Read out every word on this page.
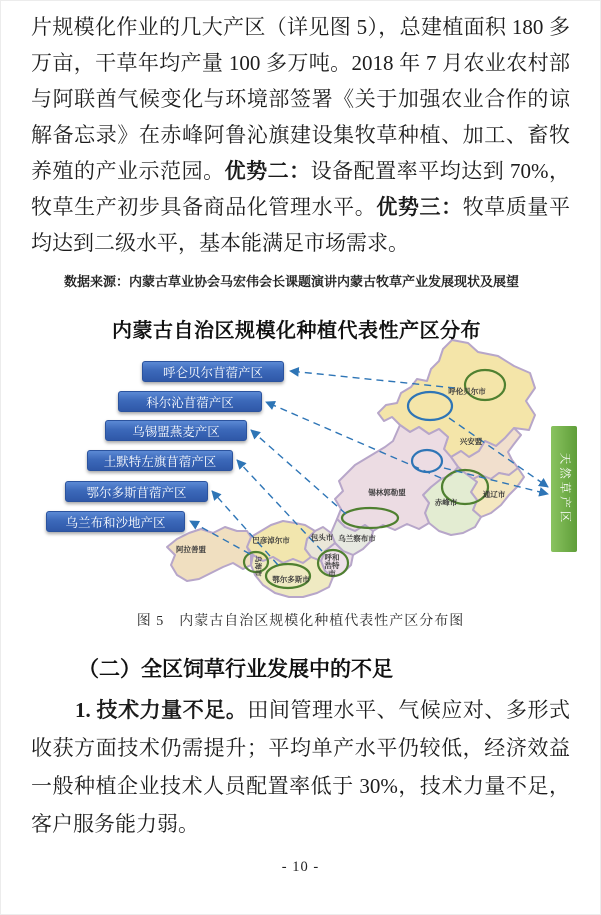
片规模化作业的几大产区（详见图 5），总建植面积 180 多万亩，干草年均产量 100 多万吨。2018 年 7 月农业农村部与阿联酋气候变化与环境部签署《关于加强农业合作的谅解备忘录》在赤峰阿鲁沁旗建设集牧草种植、加工、畜牧养殖的产业示范园。优势二：设备配置率平均达到 70%，牧草生产初步具备商品化管理水平。优势三：牧草质量平均达到二级水平，基本能满足市场需求。

数据来源：内蒙古草业协会马宏伟会长课题演讲内蒙古牧草产业发展现状及展望

天然草产区
呼伦贝尔市
兴安盟
锡林郭勒盟
赤峰市
通辽市
乌兰察布市
包头市
巴彦淖尔市
阿拉善盟
鄂尔多斯市
呼和
浩特
市
乌海市
内蒙古自治区规模化种植代表性产区分布
呼仑贝尔苜蓿产区
科尔沁苜蓿产区
乌锡盟燕麦产区
土默特左旗苜蓿产区
鄂尔多斯苜蓿产区
乌兰布和沙地产区

图 5　内蒙古自治区规模化种植代表性产区分布图

（二）全区饲草行业发展中的不足

1. 技术力量不足。田间管理水平、气候应对、多形式收获方面技术仍需提升；平均单产水平仍较低，经济效益一般种植企业技术人员配置率低于 30%，技术力量不足，客户服务能力弱。

- 10 -
